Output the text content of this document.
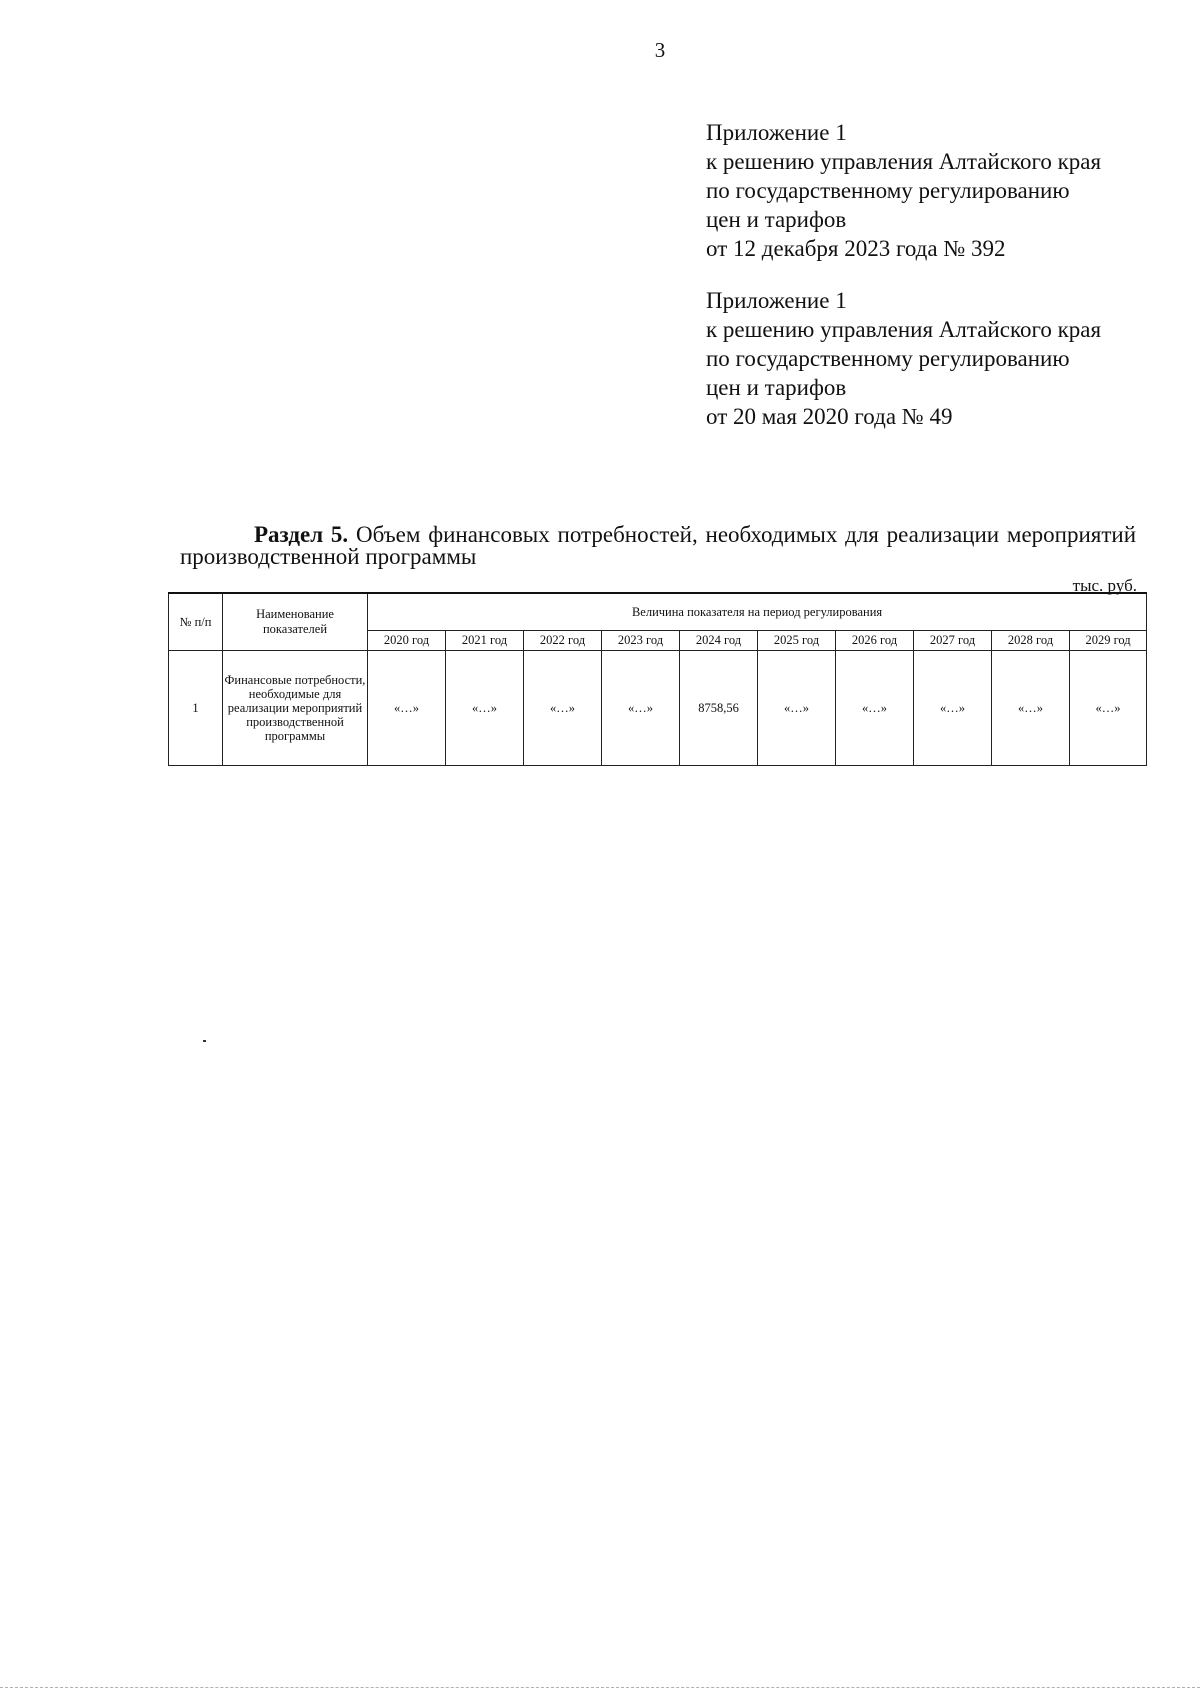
3
Приложение 1
к решению управления Алтайского края
по государственному регулированию
цен и тарифов
от 12 декабря 2023 года № 392
Приложение 1
к решению управления Алтайского края
по государственному регулированию
цен и тарифов
от 20 мая 2020 года № 49
Раздел 5. Объем финансовых потребностей, необходимых для реализации мероприятий производственной программы
тыс. руб.
№ п/п	Наименование показателей	Величина показателя на период регулирования									
		2020 год	2021 год	2022 год	2023 год	2024 год	2025 год	2026 год	2027 год	2028 год	2029 год
1	Финансовые потребности, необходимые для реализации мероприятий производственной программы	«…»	«…»	«…»	«…»	8758,56	«…»	«…»	«…»	«…»	«…»
